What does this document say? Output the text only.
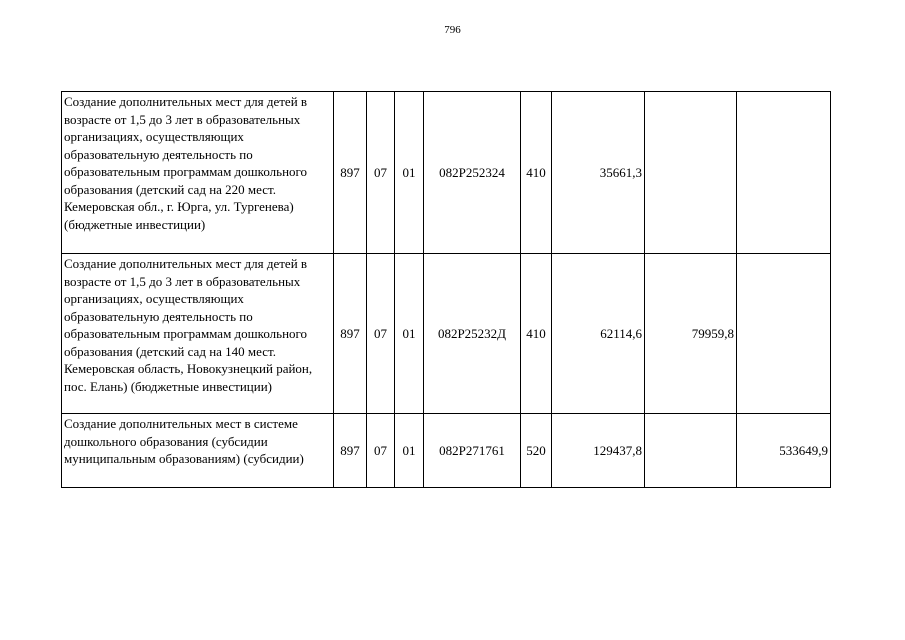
796
Создание дополнительных мест для детей в возрасте от 1,5 до 3 лет в образовательных организациях, осуществляющих образовательную деятельность по образовательным программам дошкольного образования (детский сад на 220 мест. Кемеровская обл., г. Юрга, ул. Тургенева) (бюджетные инвестиции)	897	07	01	082P252324	410	35661,3		
Создание дополнительных мест для детей в возрасте от 1,5 до 3 лет в образовательных организациях, осуществляющих образовательную деятельность по образовательным программам дошкольного образования (детский сад на 140 мест. Кемеровская область, Новокузнецкий район, пос. Елань) (бюджетные инвестиции)	897	07	01	082P25232Д	410	62114,6	79959,8	
Создание дополнительных мест в системе дошкольного образования (субсидии муниципальным образованиям) (субсидии)	897	07	01	082P271761	520	129437,8		533649,9
